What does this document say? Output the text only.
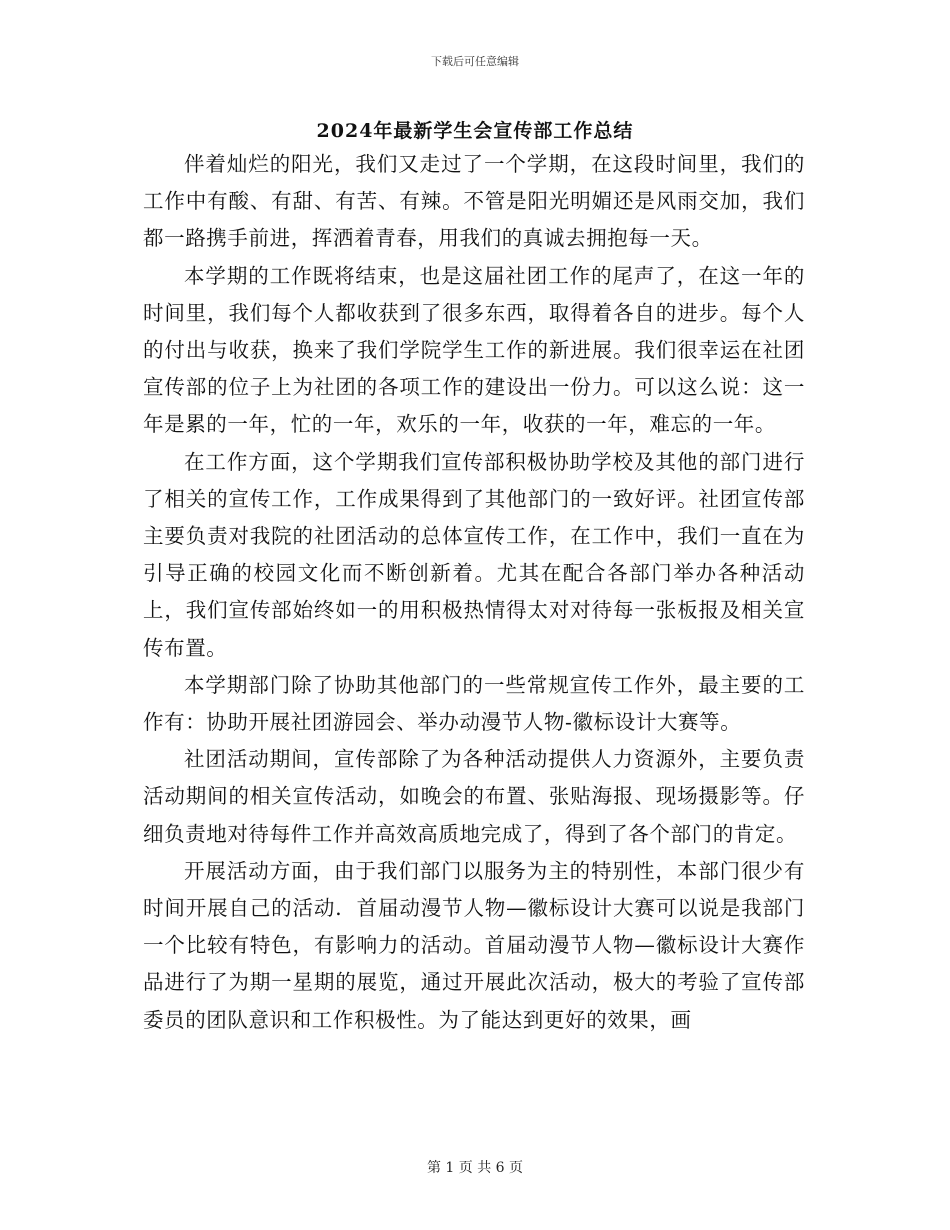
下载后可任意编辑
2024年最新学生会宣传部工作总结

伴着灿烂的阳光，我们又走过了一个学期，在这段时间里，我们的工作中有酸、有甜、有苦、有辣。不管是阳光明媚还是风雨交加，我们都一路携手前进，挥洒着青春，用我们的真诚去拥抱每一天。

本学期的工作既将结束，也是这届社团工作的尾声了，在这一年的时间里，我们每个人都收获到了很多东西，取得着各自的进步。每个人的付出与收获，换来了我们学院学生工作的新进展。我们很幸运在社团宣传部的位子上为社团的各项工作的建设出一份力。可以这么说：这一年是累的一年，忙的一年，欢乐的一年，收获的一年，难忘的一年。

在工作方面，这个学期我们宣传部积极协助学校及其他的部门进行了相关的宣传工作，工作成果得到了其他部门的一致好评。社团宣传部主要负责对我院的社团活动的总体宣传工作，在工作中，我们一直在为引导正确的校园文化而不断创新着。尤其在配合各部门举办各种活动上，我们宣传部始终如一的用积极热情得太对对待每一张板报及相关宣传布置。

本学期部门除了协助其他部门的一些常规宣传工作外，最主要的工作有：协助开展社团游园会、举办动漫节人物-徽标设计大赛等。

社团活动期间，宣传部除了为各种活动提供人力资源外，主要负责活动期间的相关宣传活动，如晚会的布置、张贴海报、现场摄影等。仔细负责地对待每件工作并高效高质地完成了，得到了各个部门的肯定。

开展活动方面，由于我们部门以服务为主的特别性，本部门很少有时间开展自己的活动．首届动漫节人物—徽标设计大赛可以说是我部门一个比较有特色，有影响力的活动。首届动漫节人物—徽标设计大赛作品进行了为期一星期的展览，通过开展此次活动，极大的考验了宣传部委员的团队意识和工作积极性。为了能达到更好的效果，画

第 1 页 共 6 页
